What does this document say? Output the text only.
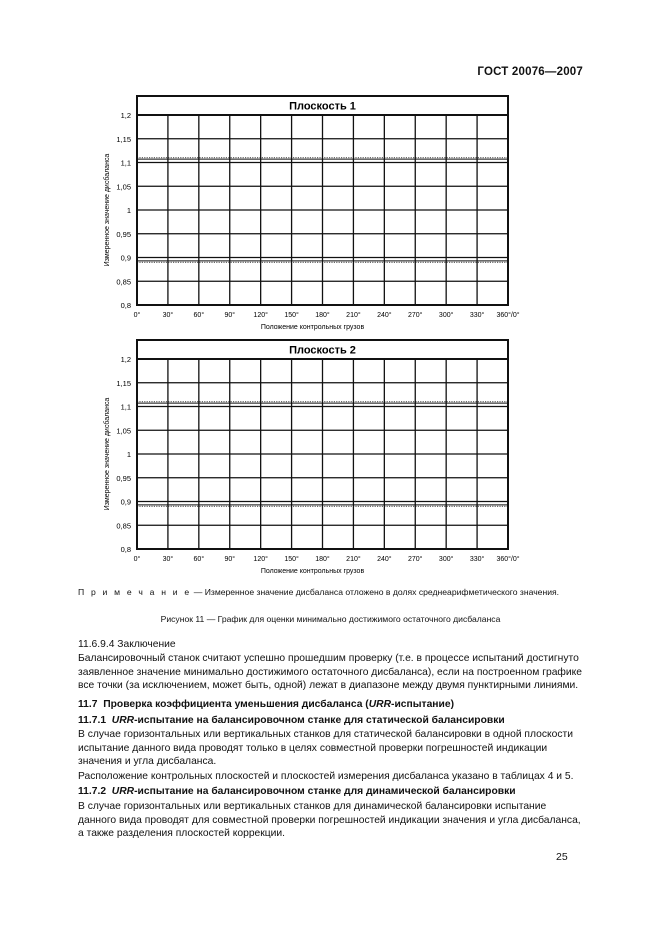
ГОСТ 20076—2007
Плоскость 1
0°	30°	60°	90°	120° 150° 180° 210° 240° 270° 300° 330° 360°/0°
1,2
1,15
1,1
1,05
1
0,95
0,9
0,85
0,8
Положение контрольных грузов
Измеренное значение дисбаланса
Плоскость 2
0°	30°	60°	90°	120° 150° 180° 210° 240° 270° 300° 330° 360°/0°
1,2
1,15
1,1
1,05
1
0,95
0,9
0,85
0,8
Положение контрольных грузов
Измеренное значение дисбаланса
П р и м е ч а н и е — Измеренное значение дисбаланса отложено в долях среднеарифметического значения.
Рисунок 11 — График для оценки минимально достижимого остаточного дисбаланса
11.6.9.4 Заключение
Балансировочный станок считают успешно прошедшим проверку (т.е. в процессе испытаний достигнуто заявленное значение минимально достижимого остаточного дисбаланса), если на построенном графике все точки (за исключением, может быть, одной) лежат в диапазоне между двумя пунктирными линиями.
11.7 Проверка коэффициента уменьшения дисбаланса (URR-испытание)
11.7.1 URR-испытание на балансировочном станке для статической балансировки
В случае горизонтальных или вертикальных станков для статической балансировки в одной плоскости испытание данного вида проводят только в целях совместной проверки погрешностей индикации значения и угла дисбаланса.
Расположение контрольных плоскостей и плоскостей измерения дисбаланса указано в таблицах 4 и 5.
11.7.2 URR-испытание на балансировочном станке для динамической балансировки
В случае горизонтальных или вертикальных станков для динамической балансировки испытание данного вида проводят для совместной проверки погрешностей индикации значения и угла дисбаланса, а также разделения плоскостей коррекции.
25
